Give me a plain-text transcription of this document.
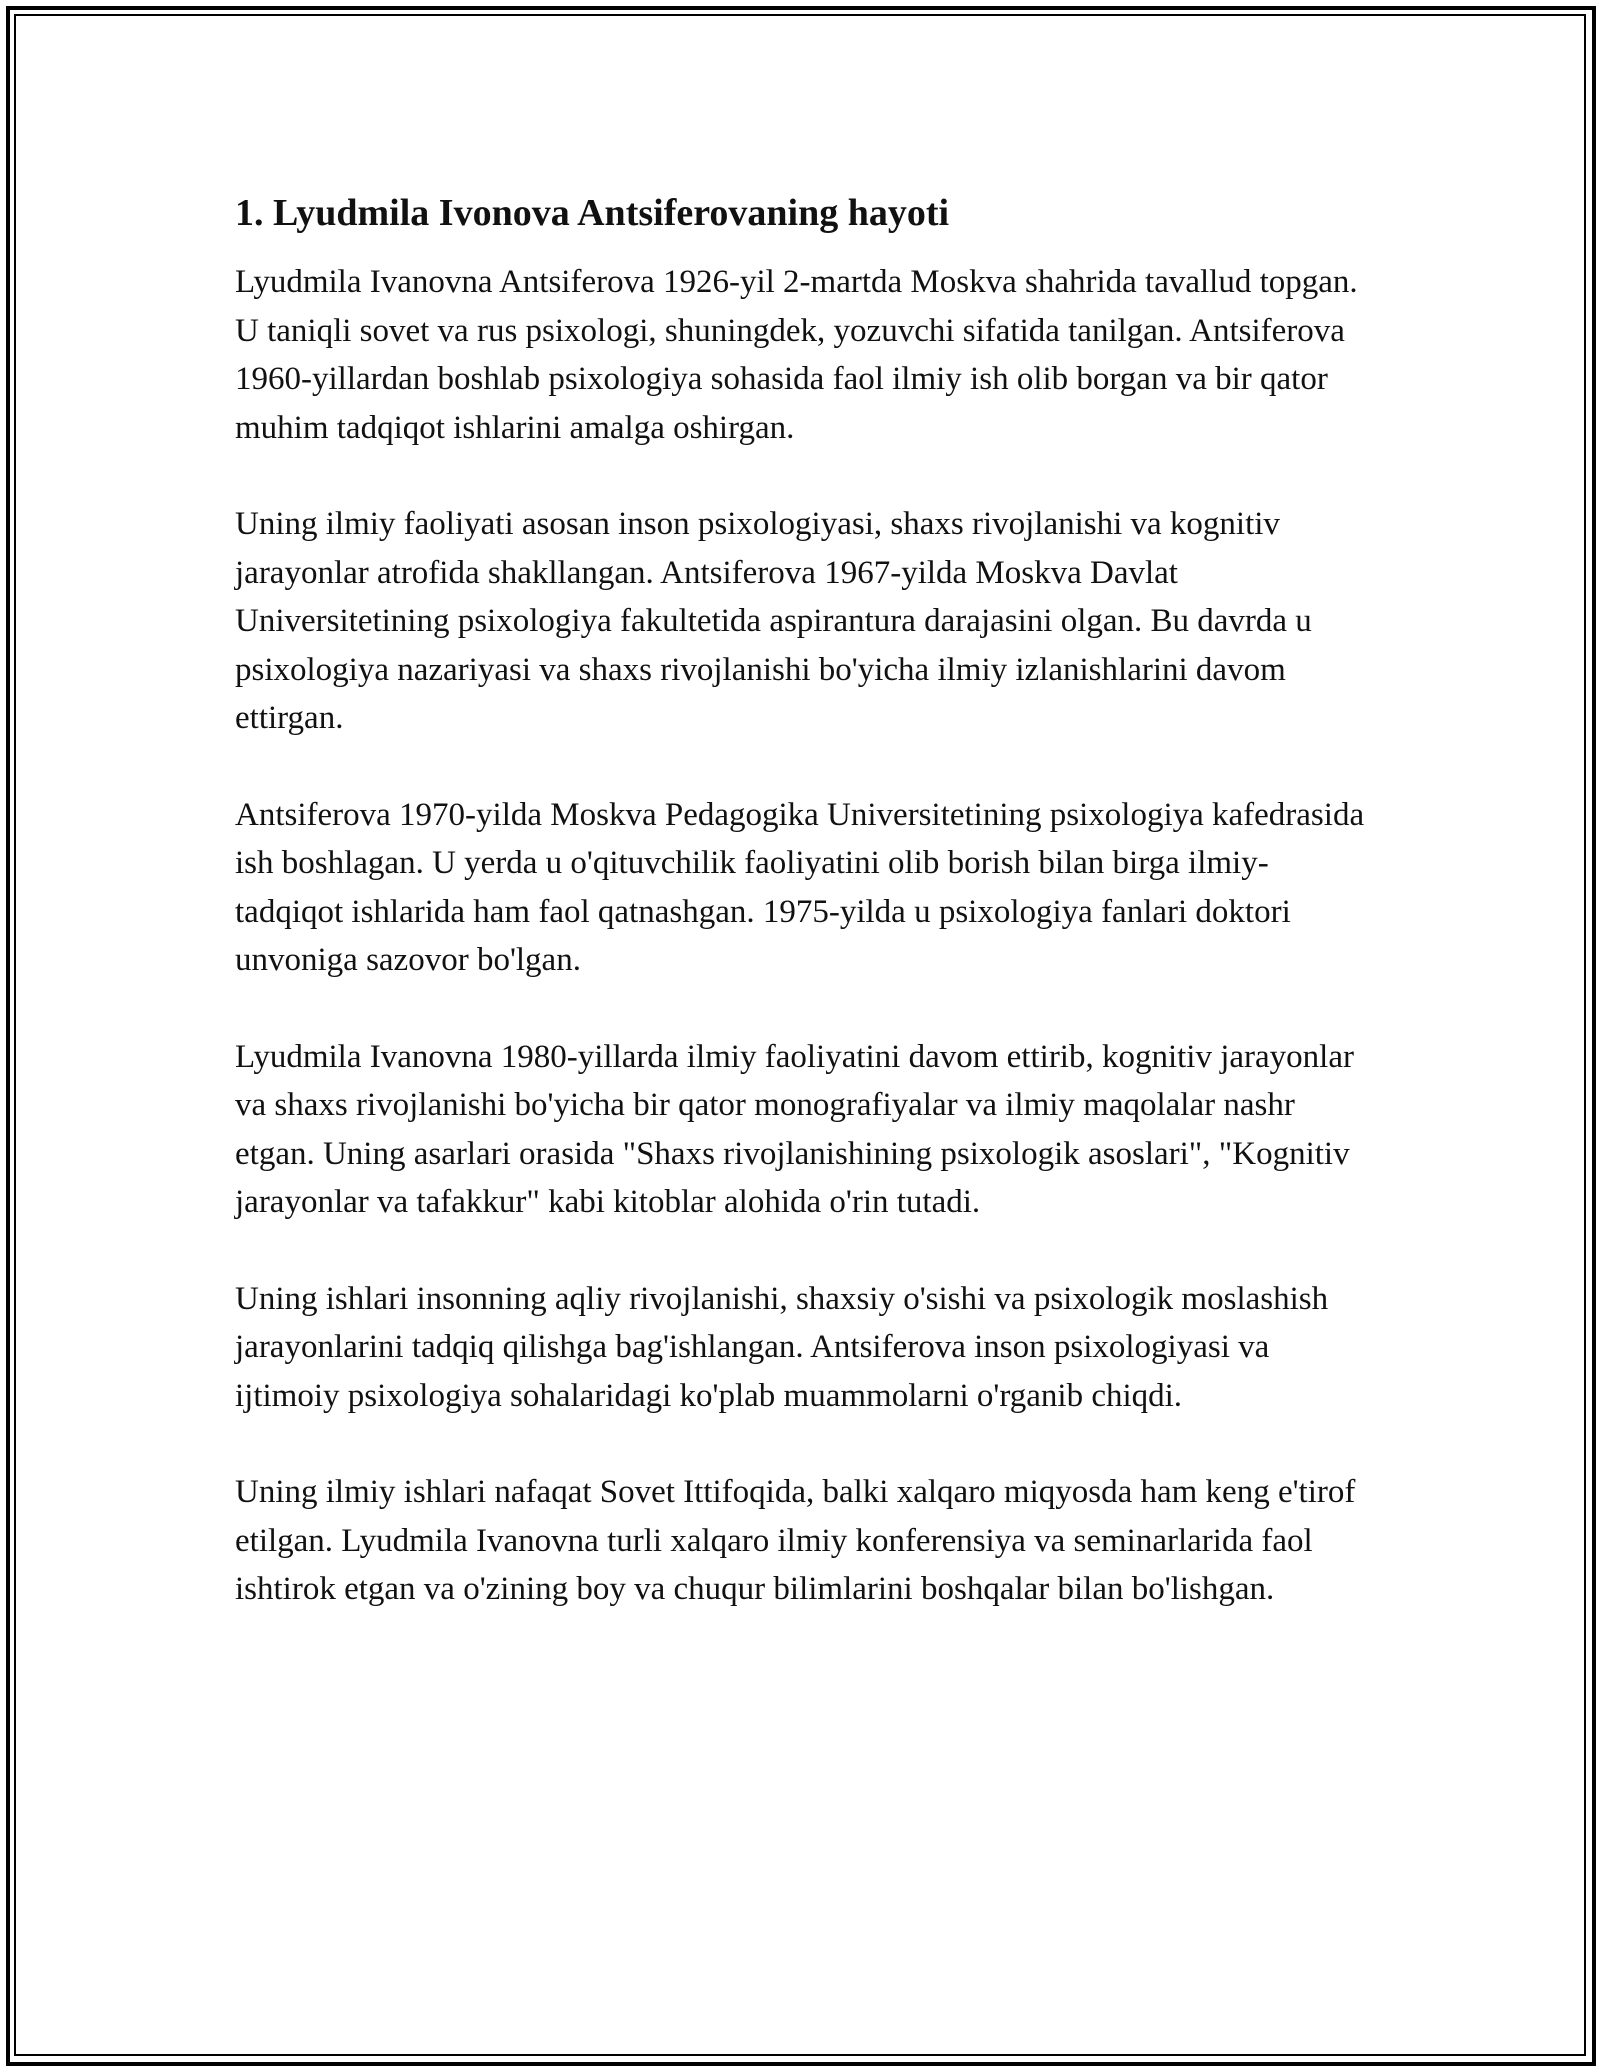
1. Lyudmila Ivonova Antsiferovaning hayoti

Lyudmila Ivanovna Antsiferova 1926-yil 2-martda Moskva shahrida tavallud topgan. U taniqli sovet va rus psixologi, shuningdek, yozuvchi sifatida tanilgan. Antsiferova 1960-yillardan boshlab psixologiya sohasida faol ilmiy ish olib borgan va bir qator muhim tadqiqot ishlarini amalga oshirgan.

Uning ilmiy faoliyati asosan inson psixologiyasi, shaxs rivojlanishi va kognitiv jarayonlar atrofida shakllangan. Antsiferova 1967-yilda Moskva Davlat Universitetining psixologiya fakultetida aspirantura darajasini olgan. Bu davrda u psixologiya nazariyasi va shaxs rivojlanishi bo'yicha ilmiy izlanishlarini davom ettirgan.

Antsiferova 1970-yilda Moskva Pedagogika Universitetining psixologiya kafedrasida ish boshlagan. U yerda u o'qituvchilik faoliyatini olib borish bilan birga ilmiy-tadqiqot ishlarida ham faol qatnashgan. 1975-yilda u psixologiya fanlari doktori unvoniga sazovor bo'lgan.

Lyudmila Ivanovna 1980-yillarda ilmiy faoliyatini davom ettirib, kognitiv jarayonlar va shaxs rivojlanishi bo'yicha bir qator monografiyalar va ilmiy maqolalar nashr etgan. Uning asarlari orasida "Shaxs rivojlanishining psixologik asoslari", "Kognitiv jarayonlar va tafakkur" kabi kitoblar alohida o'rin tutadi.

Uning ishlari insonning aqliy rivojlanishi, shaxsiy o'sishi va psixologik moslashish jarayonlarini tadqiq qilishga bag'ishlangan. Antsiferova inson psixologiyasi va ijtimoiy psixologiya sohalaridagi ko'plab muammolarni o'rganib chiqdi.

Uning ilmiy ishlari nafaqat Sovet Ittifoqida, balki xalqaro miqyosda ham keng e'tirof etilgan. Lyudmila Ivanovna turli xalqaro ilmiy konferensiya va seminarlarida faol ishtirok etgan va o'zining boy va chuqur bilimlarini boshqalar bilan bo'lishgan.
